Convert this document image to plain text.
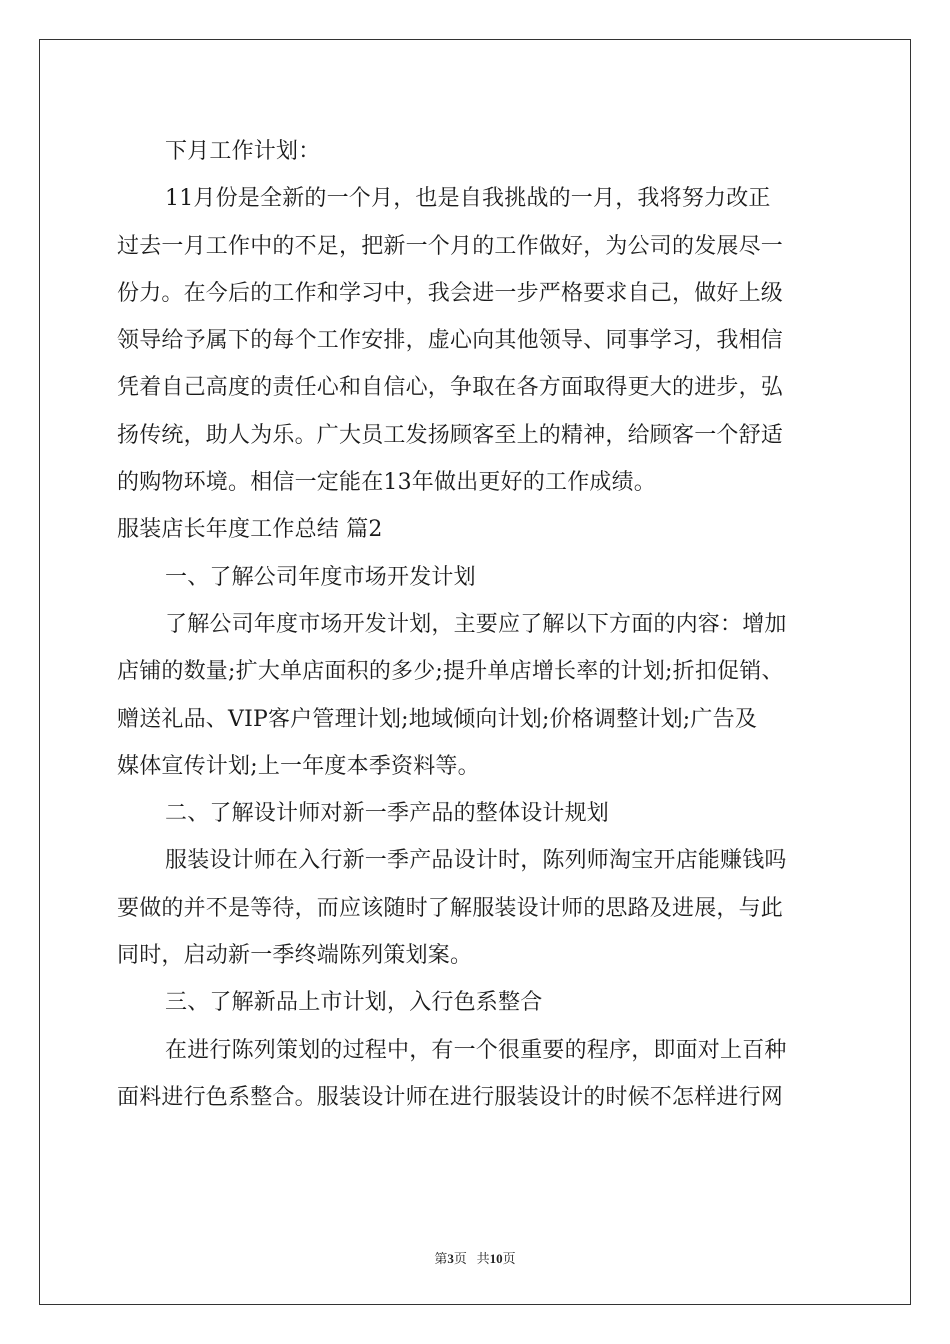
下月工作计划：
11月份是全新的一个月，也是自我挑战的一月，我将努力改正
过去一月工作中的不足，把新一个月的工作做好，为公司的发展尽一
份力。在今后的工作和学习中，我会进一步严格要求自己，做好上级
领导给予属下的每个工作安排，虚心向其他领导、同事学习，我相信
凭着自己高度的责任心和自信心，争取在各方面取得更大的进步，弘
扬传统，助人为乐。广大员工发扬顾客至上的精神，给顾客一个舒适
的购物环境。相信一定能在13年做出更好的工作成绩。
服装店长年度工作总结 篇2
一、了解公司年度市场开发计划
了解公司年度市场开发计划，主要应了解以下方面的内容：增加
店铺的数量;扩大单店面积的多少;提升单店增长率的计划;折扣促销、
赠送礼品、VIP客户管理计划;地域倾向计划;价格调整计划;广告及
媒体宣传计划;上一年度本季资料等。
二、了解设计师对新一季产品的整体设计规划
服装设计师在入行新一季产品设计时，陈列师淘宝开店能赚钱吗
要做的并不是等待，而应该随时了解服装设计师的思路及进展，与此
同时，启动新一季终端陈列策划案。
三、了解新品上市计划，入行色系整合
在进行陈列策划的过程中，有一个很重要的程序，即面对上百种
面料进行色系整合。服装设计师在进行服装设计的时候不怎样进行网
第3页   共10页
